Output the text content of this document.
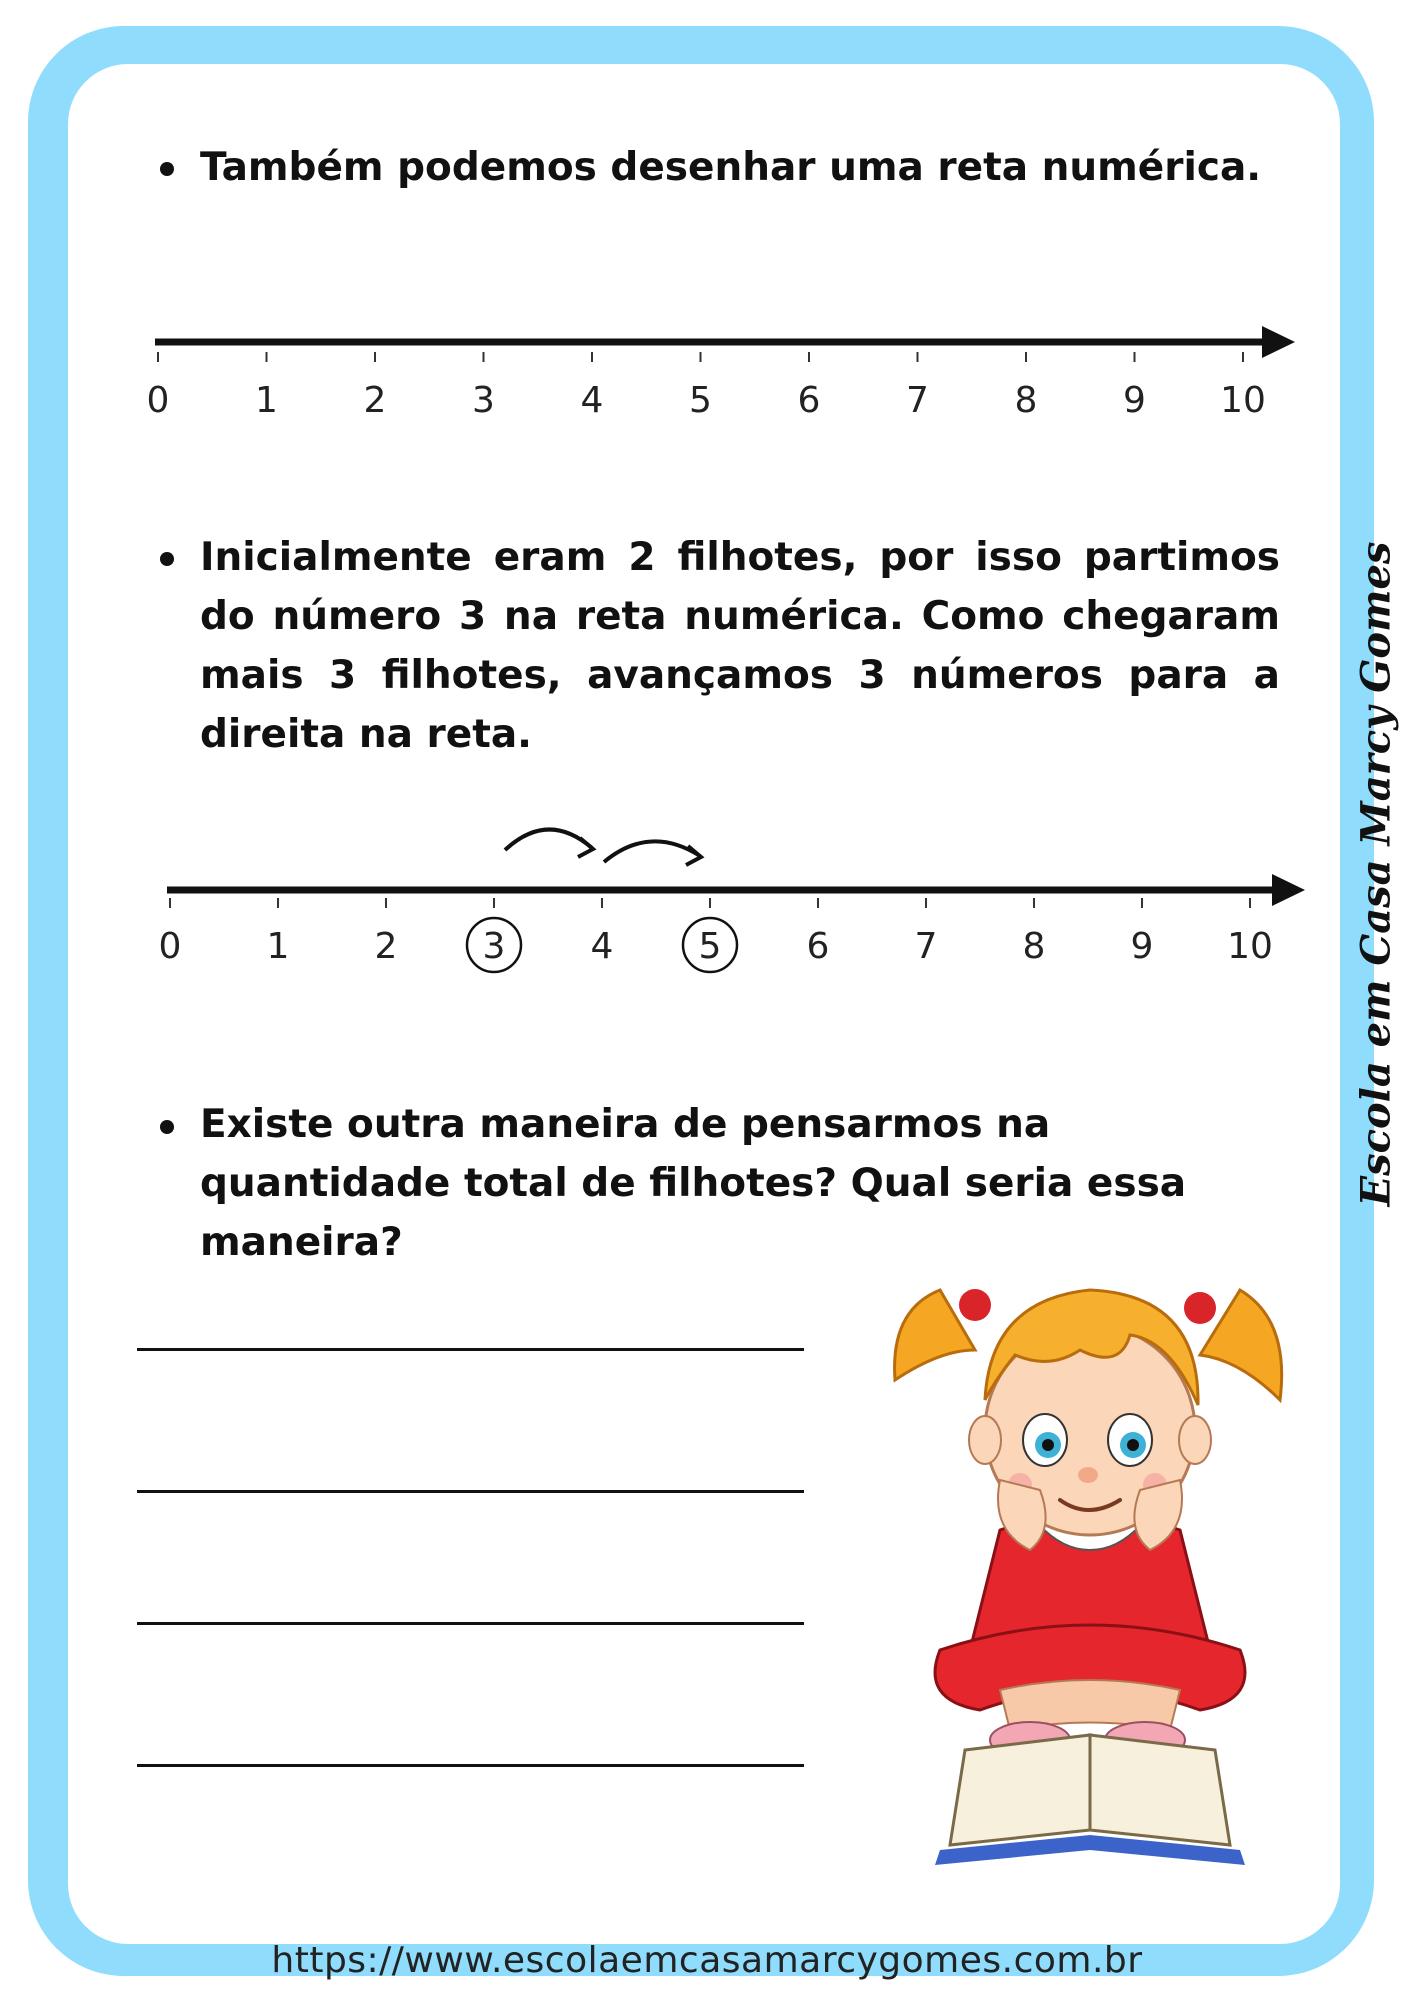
Também podemos desenhar uma reta numérica.

0 1 2 3 4 5 6 7 8 9 10

Inicialmente eram 2 filhotes, por isso partimos do número 3 na reta numérica. Como chegaram mais 3 filhotes, avançamos 3 números para a direita na reta.

0 1 2 3 4 5 6 7 8 9 10

Existe outra maneira de pensarmos na quantidade total de filhotes? Qual seria essa maneira?

Escola em Casa Marcy Gomes
https://www.escolaemcasamarcygomes.com.br
